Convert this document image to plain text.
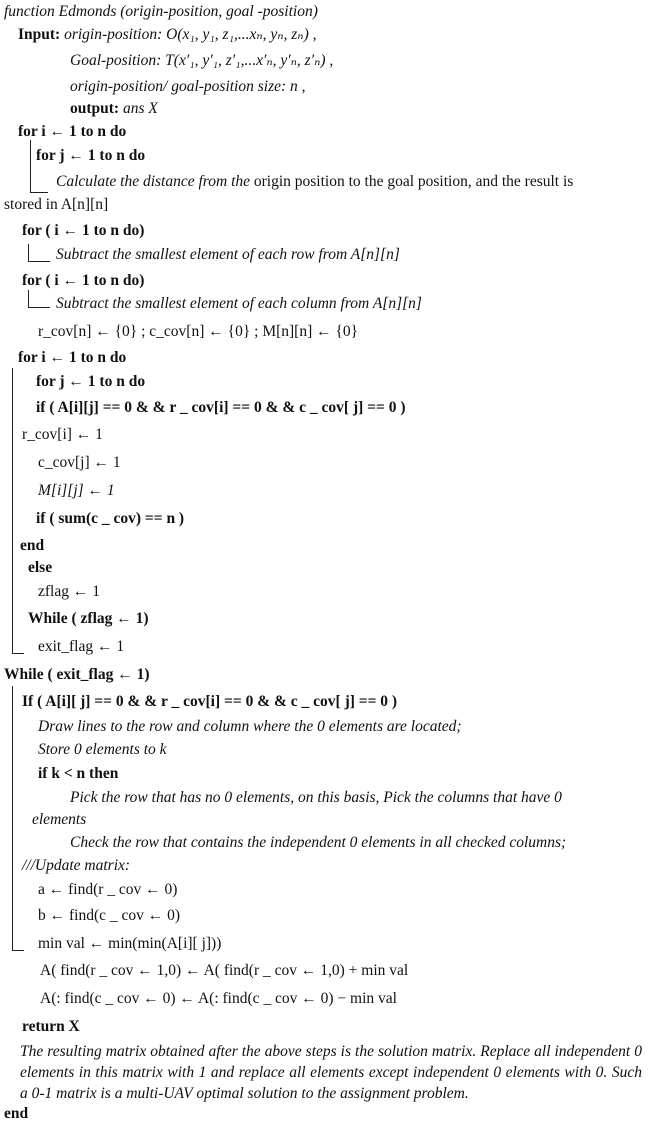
function Edmonds (origin-position, goal -position)
Input: origin-position: O(x₁, y₁, z₁,...xₙ, yₙ, zₙ) ,
Goal-position: T(x′₁, y′₁, z′₁,...x′ₙ, y′ₙ, z′ₙ) ,
origin-position/ goal-position size: n ,
output: ans X
for i ← 1 to n do
for j ← 1 to n do
Calculate the distance from the origin position to the goal position, and the result is
stored in A[n][n]
for ( i ← 1 to n do)
Subtract the smallest element of each row from A[n][n]
for ( i ← 1 to n do)
Subtract the smallest element of each column from A[n][n]
r_cov[n] ← {0} ; c_cov[n] ← {0} ; M[n][n] ← {0}
for i ← 1 to n do
for j ← 1 to n do
if ( A[i][j] == 0 & & r _ cov[i] == 0 & & c _ cov[ j] == 0 )
r_cov[i] ← 1
c_cov[j] ← 1
M[i][j] ← 1
if ( sum(c _ cov) == n )
end
else
zflag ← 1
While ( zflag ← 1)
exit_flag ← 1
While ( exit_flag ← 1)
If ( A[i][ j] == 0 & & r _ cov[i] == 0 & & c _ cov[ j] == 0 )
Draw lines to the row and column where the 0 elements are located;
Store 0 elements to k
if k < n then
Pick the row that has no 0 elements, on this basis, Pick the columns that have 0
elements
Check the row that contains the independent 0 elements in all checked columns;
///Update matrix:
a ← find(r _ cov ← 0)
b ← find(c _ cov ← 0)
min val ← min(min(A[i][ j]))
A( find(r _ cov ← 1,0) ← A( find(r _ cov ← 1,0) + min val
A(: find(c _ cov ← 0) ← A(: find(c _ cov ← 0) − min val
return X
The resulting matrix obtained after the above steps is the solution matrix. Replace all independent 0 elements in this matrix with 1 and replace all elements except independent 0 elements with 0. Such a 0-1 matrix is a multi-UAV optimal solution to the assignment problem.
end
